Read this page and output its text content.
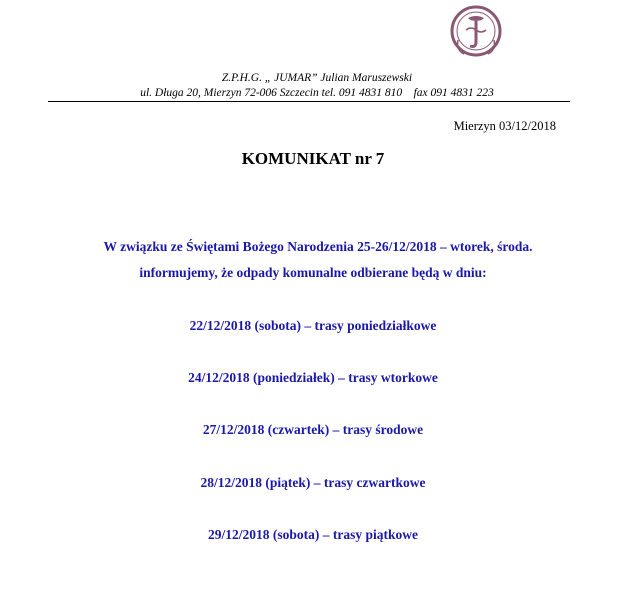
Z.P.H.G. „ JUMAR” Julian Maruszewski
ul. Długa 20, Mierzyn 72-006 Szczecin tel. 091 4831 810    fax 091 4831 223
Mierzyn 03/12/2018
KOMUNIKAT nr 7
W związku ze Świętami Bożego Narodzenia 25-26/12/2018 – wtorek, środa.
informujemy, że odpady komunalne odbierane będą w dniu:
22/12/2018 (sobota) – trasy poniedziałkowe
24/12/2018 (poniedziałek) – trasy wtorkowe
27/12/2018 (czwartek) – trasy środowe
28/12/2018 (piątek) – trasy czwartkowe
29/12/2018 (sobota) – trasy piątkowe
